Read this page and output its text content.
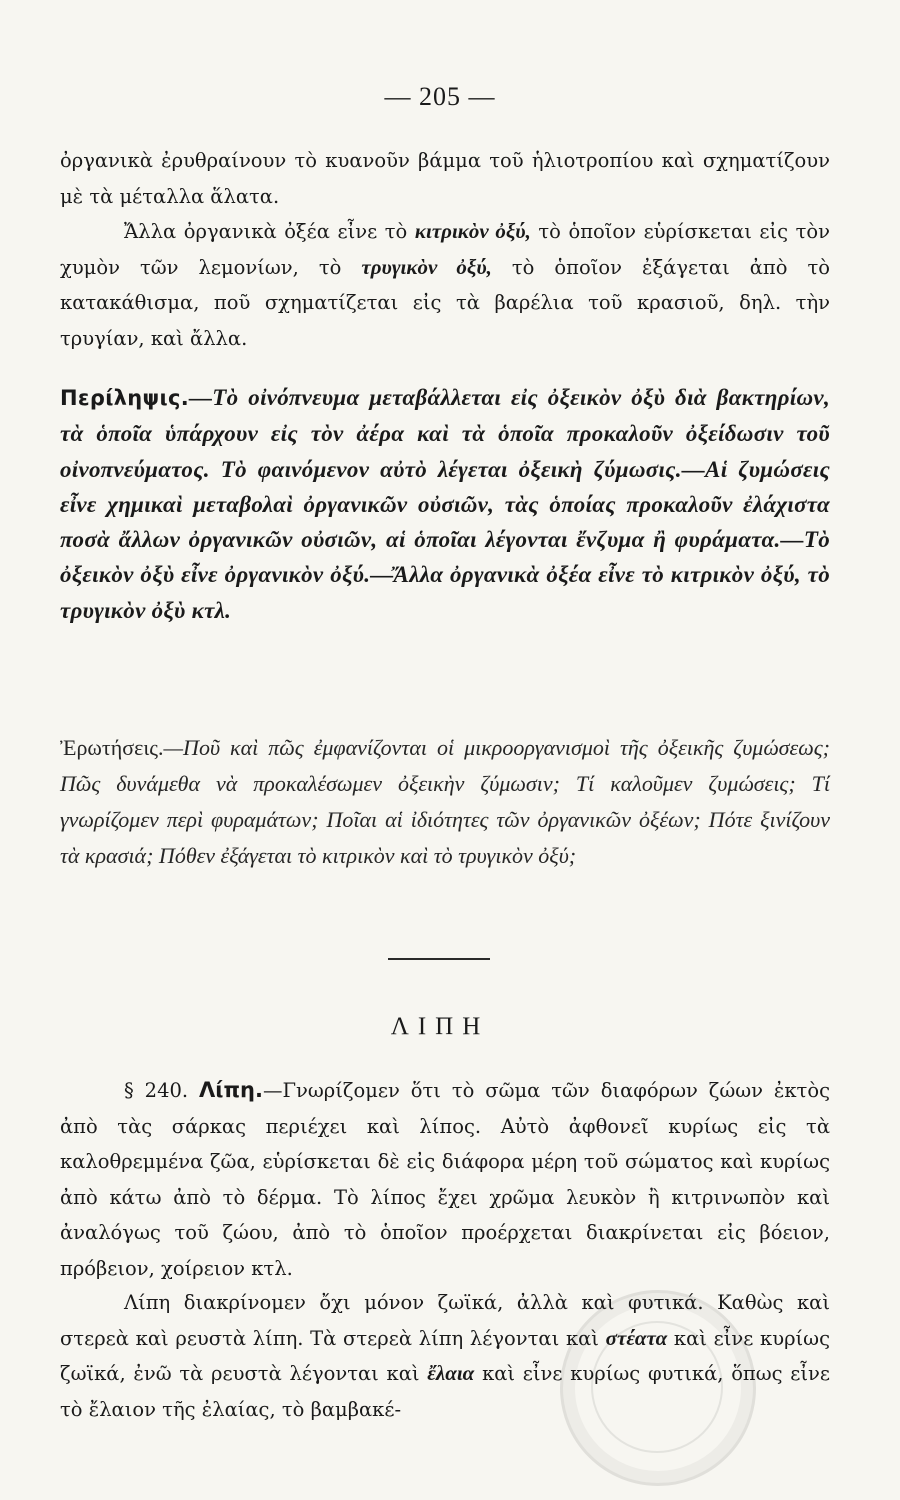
— 205 —

ὀργανικὰ ἐρυθραίνουν τὸ κυανοῦν βάμμα τοῦ ἡλιοτροπίου καὶ σχηματίζουν μὲ τὰ μέταλλα ἅλατα.

Ἄλλα ὀργανικὰ ὀξέα εἶνε τὸ κιτρικὸν ὀξύ, τὸ ὁποῖον εὑρίσκεται εἰς τὸν χυμὸν τῶν λεμονίων, τὸ τρυγικὸν ὀξύ, τὸ ὁποῖον ἐξάγεται ἀπὸ τὸ κατακάθισμα, ποῦ σχηματίζεται εἰς τὰ βαρέλια τοῦ κρασιοῦ, δηλ. τὴν τρυγίαν, καὶ ἄλλα.

Περίληψις.—Τὸ οἰνόπνευμα μεταβάλλεται εἰς ὀξεικὸν ὀξὺ διὰ βακτηρίων, τὰ ὁποῖα ὑπάρχουν εἰς τὸν ἀέρα καὶ τὰ ὁποῖα προκαλοῦν ὀξείδωσιν τοῦ οἰνοπνεύματος. Τὸ φαινόμενον αὐτὸ λέγεται ὀξεικὴ ζύμωσις.—Αἱ ζυμώσεις εἶνε χημικαὶ μεταβολαὶ ὀργανικῶν οὐσιῶν, τὰς ὁποίας προκαλοῦν ἐλάχιστα ποσὰ ἄλλων ὀργανικῶν οὐσιῶν, αἱ ὁποῖαι λέγονται ἔνζυμα ἢ φυράματα.—Τὸ ὀξεικὸν ὀξὺ εἶνε ὀργανικὸν ὀξύ.—Ἄλλα ὀργανικὰ ὀξέα εἶνε τὸ κιτρικὸν ὀξύ, τὸ τρυγικὸν ὀξὺ κτλ.

Ἐρωτήσεις.—Ποῦ καὶ πῶς ἐμφανίζονται οἱ μικροοργανισμοὶ τῆς ὀξεικῆς ζυμώσεως; Πῶς δυνάμεθα νὰ προκαλέσωμεν ὀξεικὴν ζύμωσιν; Τί καλοῦμεν ζυμώσεις; Τί γνωρίζομεν περὶ φυραμάτων; Ποῖαι αἱ ἰδιότητες τῶν ὀργανικῶν ὀξέων; Πότε ξινίζουν τὰ κρασιά; Πόθεν ἐξάγεται τὸ κιτρικὸν καὶ τὸ τρυγικὸν ὀξύ;

ΛΙΠΗ

§ 240. Λίπη.—Γνωρίζομεν ὅτι τὸ σῶμα τῶν διαφόρων ζώων ἐκτὸς ἀπὸ τὰς σάρκας περιέχει καὶ λίπος. Αὐτὸ ἀφθονεῖ κυρίως εἰς τὰ καλοθρεμμένα ζῶα, εὑρίσκεται δὲ εἰς διάφορα μέρη τοῦ σώματος καὶ κυρίως ἀπὸ κάτω ἀπὸ τὸ δέρμα. Τὸ λίπος ἔχει χρῶμα λευκὸν ἢ κιτρινωπὸν καὶ ἀναλόγως τοῦ ζώου, ἀπὸ τὸ ὁποῖον προέρχεται διακρίνεται εἰς βόειον, πρόβειον, χοίρειον κτλ.

Λίπη διακρίνομεν ὄχι μόνον ζωϊκά, ἀλλὰ καὶ φυτικά. Καθὼς καὶ στερεὰ καὶ ρευστὰ λίπη. Τὰ στερεὰ λίπη λέγονται καὶ στέατα καὶ εἶνε κυρίως ζωϊκά, ἐνῶ τὰ ρευστὰ λέγονται καὶ ἔλαια καὶ εἶνε κυρίως φυτικά, ὅπως εἶνε τὸ ἔλαιον τῆς ἐλαίας, τὸ βαμβακέ-
